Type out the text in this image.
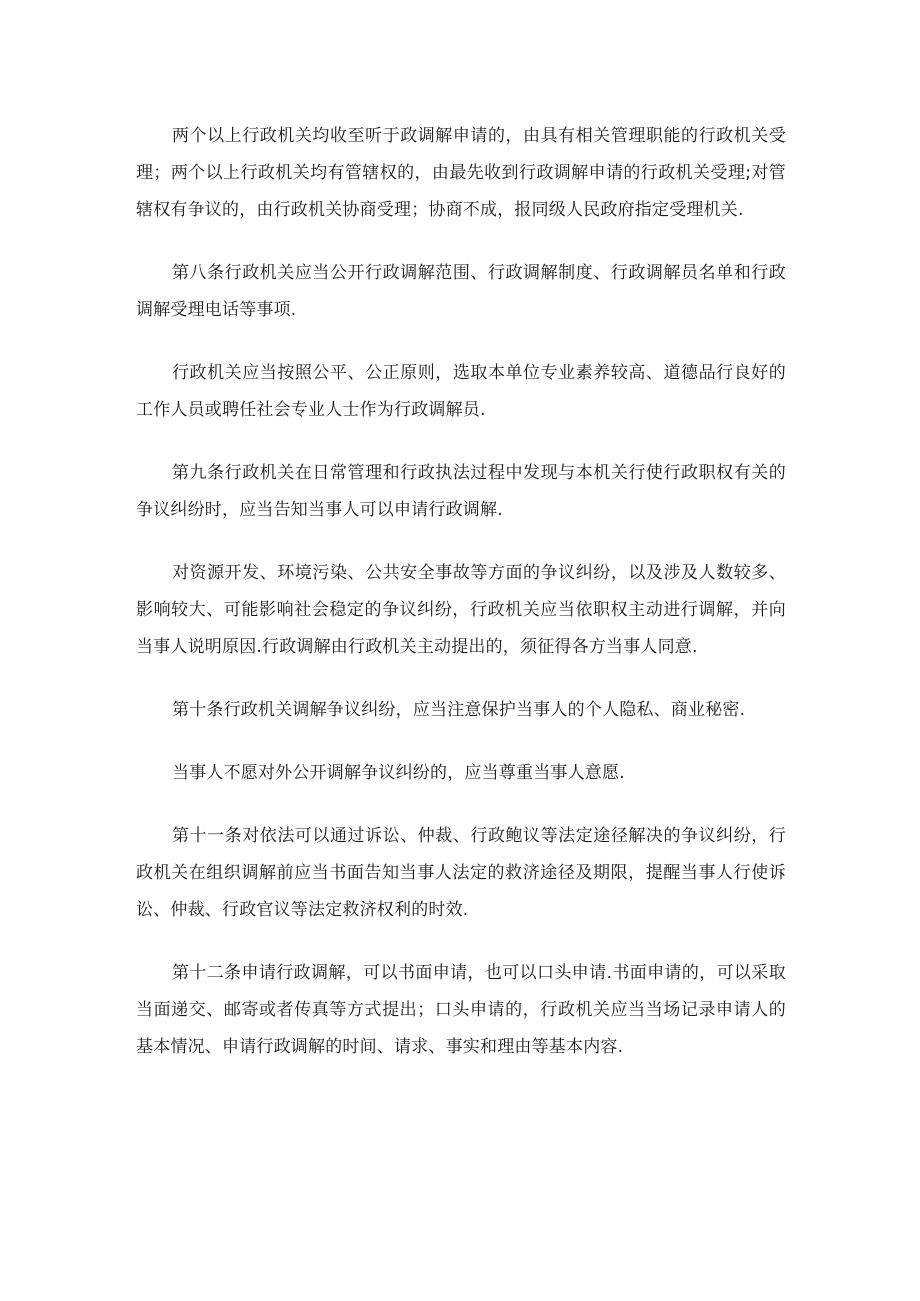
两个以上行政机关均收至听于政调解申请的，由具有相关管理职能的行政机关受理；两个以上行政机关均有管辖权的，由最先收到行政调解申请的行政机关受理;对管辖权有争议的，由行政机关协商受理；协商不成，报同级人民政府指定受理机关.

第八条行政机关应当公开行政调解范围、行政调解制度、行政调解员名单和行政调解受理电话等事项.

行政机关应当按照公平、公正原则，选取本单位专业素养较高、道德品行良好的工作人员或聘任社会专业人士作为行政调解员.

第九条行政机关在日常管理和行政执法过程中发现与本机关行使行政职权有关的争议纠纷时，应当告知当事人可以申请行政调解.

对资源开发、环境污染、公共安全事故等方面的争议纠纷，以及涉及人数较多、影响较大、可能影响社会稳定的争议纠纷，行政机关应当依职权主动进行调解，并向当事人说明原因.行政调解由行政机关主动提出的，须征得各方当事人同意.

第十条行政机关调解争议纠纷，应当注意保护当事人的个人隐私、商业秘密.

当事人不愿对外公开调解争议纠纷的，应当尊重当事人意愿.

第十一条对依法可以通过诉讼、仲裁、行政鲍议等法定途径解决的争议纠纷，行政机关在组织调解前应当书面告知当事人法定的救济途径及期限，提醒当事人行使诉讼、仲裁、行政官议等法定救济权利的时效.

第十二条申请行政调解，可以书面申请，也可以口头申请.书面申请的，可以采取当面递交、邮寄或者传真等方式提出；口头申请的，行政机关应当当场记录申请人的基本情况、申请行政调解的时间、请求、事实和理由等基本内容.
